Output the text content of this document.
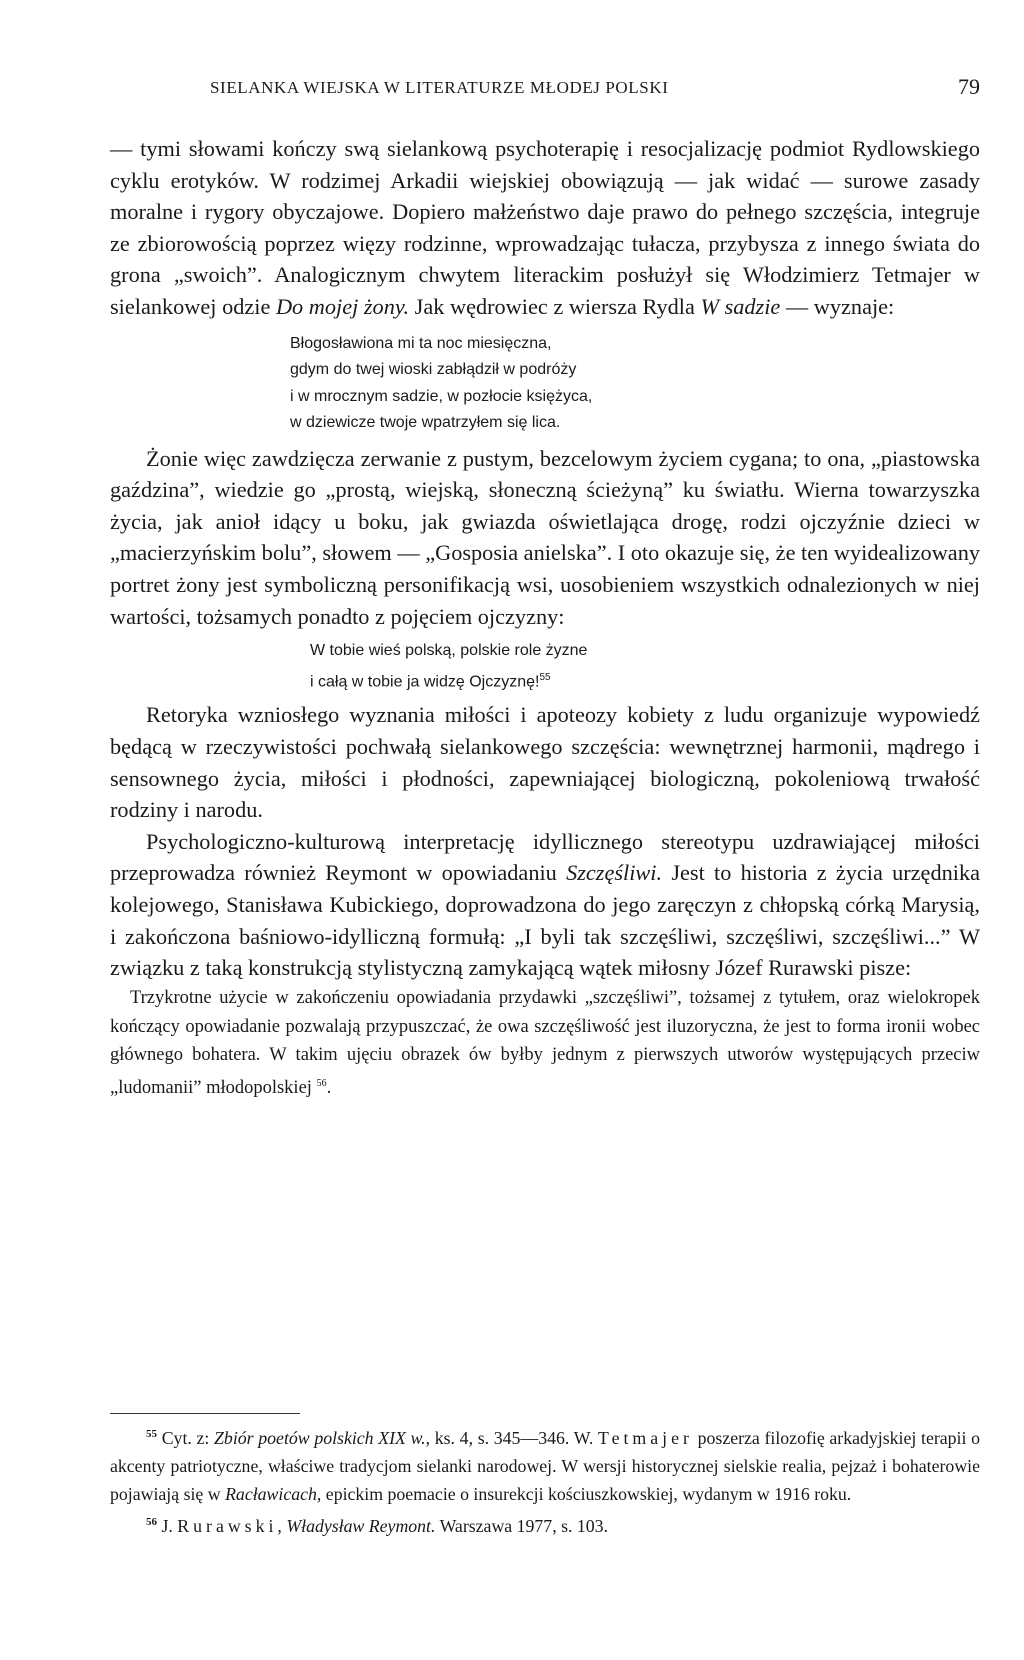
SIELANKA WIEJSKA W LITERATURZE MŁODEJ POLSKI	79

— tymi słowami kończy swą sielankową psychoterapię i resocjalizację podmiot Rydlowskiego cyklu erotyków. W rodzimej Arkadii wiejskiej obowiązują — jak widać — surowe zasady moralne i rygory obyczajowe. Dopiero małżeństwo daje prawo do pełnego szczęścia, integruje ze zbiorowością poprzez więzy rodzinne, wprowadzając tułacza, przybysza z innego świata do grona „swoich”. Analogicznym chwytem literackim posłużył się Włodzimierz Tetmajer w sielankowej odzie Do mojej żony. Jak wędrowiec z wiersza Rydla W sadzie — wyznaje:

Błogosławiona mi ta noc miesięczna,
gdym do twej wioski zabłądził w podróży
i w mrocznym sadzie, w pozłocie księżyca,
w dziewicze twoje wpatrzyłem się lica.

Żonie więc zawdzięcza zerwanie z pustym, bezcelowym życiem cygana; to ona, „piastowska gaździna”, wiedzie go „prostą, wiejską, słoneczną ścieżyną” ku światłu. Wierna towarzyszka życia, jak anioł idący u boku, jak gwiazda oświetlająca drogę, rodzi ojczyźnie dzieci w „macierzyńskim bolu”, słowem — „Gosposia anielska”. I oto okazuje się, że ten wyidealizowany portret żony jest symboliczną personifikacją wsi, uosobieniem wszystkich odnalezionych w niej wartości, tożsamych ponadto z pojęciem ojczyzny:

W tobie wieś polską, polskie role żyzne
i całą w tobie ja widzę Ojczyznę!$^{55}$

Retoryka wzniosłego wyznania miłości i apoteozy kobiety z ludu organizuje wypowiedź będącą w rzeczywistości pochwałą sielankowego szczęścia: wewnętrznej harmonii, mądrego i sensownego życia, miłości i płodności, zapewniającej biologiczną, pokoleniową trwałość rodziny i narodu.

Psychologiczno-kulturową interpretację idyllicznego stereotypu uzdrawiającej miłości przeprowadza również Reymont w opowiadaniu Szczęśliwi. Jest to historia z życia urzędnika kolejowego, Stanisława Kubickiego, doprowadzona do jego zaręczyn z chłopską córką Marysią, i zakończona baśniowo-idylliczną formułą: „I byli tak szczęśliwi, szczęśliwi, szczęśliwi...” W związku z taką konstrukcją stylistyczną zamykającą wątek miłosny Józef Rurawski pisze:

Trzykrotne użycie w zakończeniu opowiadania przydawki „szczęśliwi”, tożsamej z tytułem, oraz wielokropek kończący opowiadanie pozwalają przypuszczać, że owa szczęśliwość jest iluzoryczna, że jest to forma ironii wobec głównego bohatera. W takim ujęciu obrazek ów byłby jednym z pierwszych utworów występujących przeciw „ludomanii” młodopolskiej $^{56}$.

$^{55}$ Cyt. z: Zbiór poetów polskich XIX w., ks. 4, s. 345—346. W. Tetmajer poszerza filozofię arkadyjskiej terapii o akcenty patriotyczne, właściwe tradycjom sielanki narodowej. W wersji historycznej sielskie realia, pejzaż i bohaterowie pojawiają się w Racławicach, epickim poemacie o insurekcji kościuszkowskiej, wydanym w 1916 roku.

$^{56}$ J. Rurawski, Władysław Reymont. Warszawa 1977, s. 103.
